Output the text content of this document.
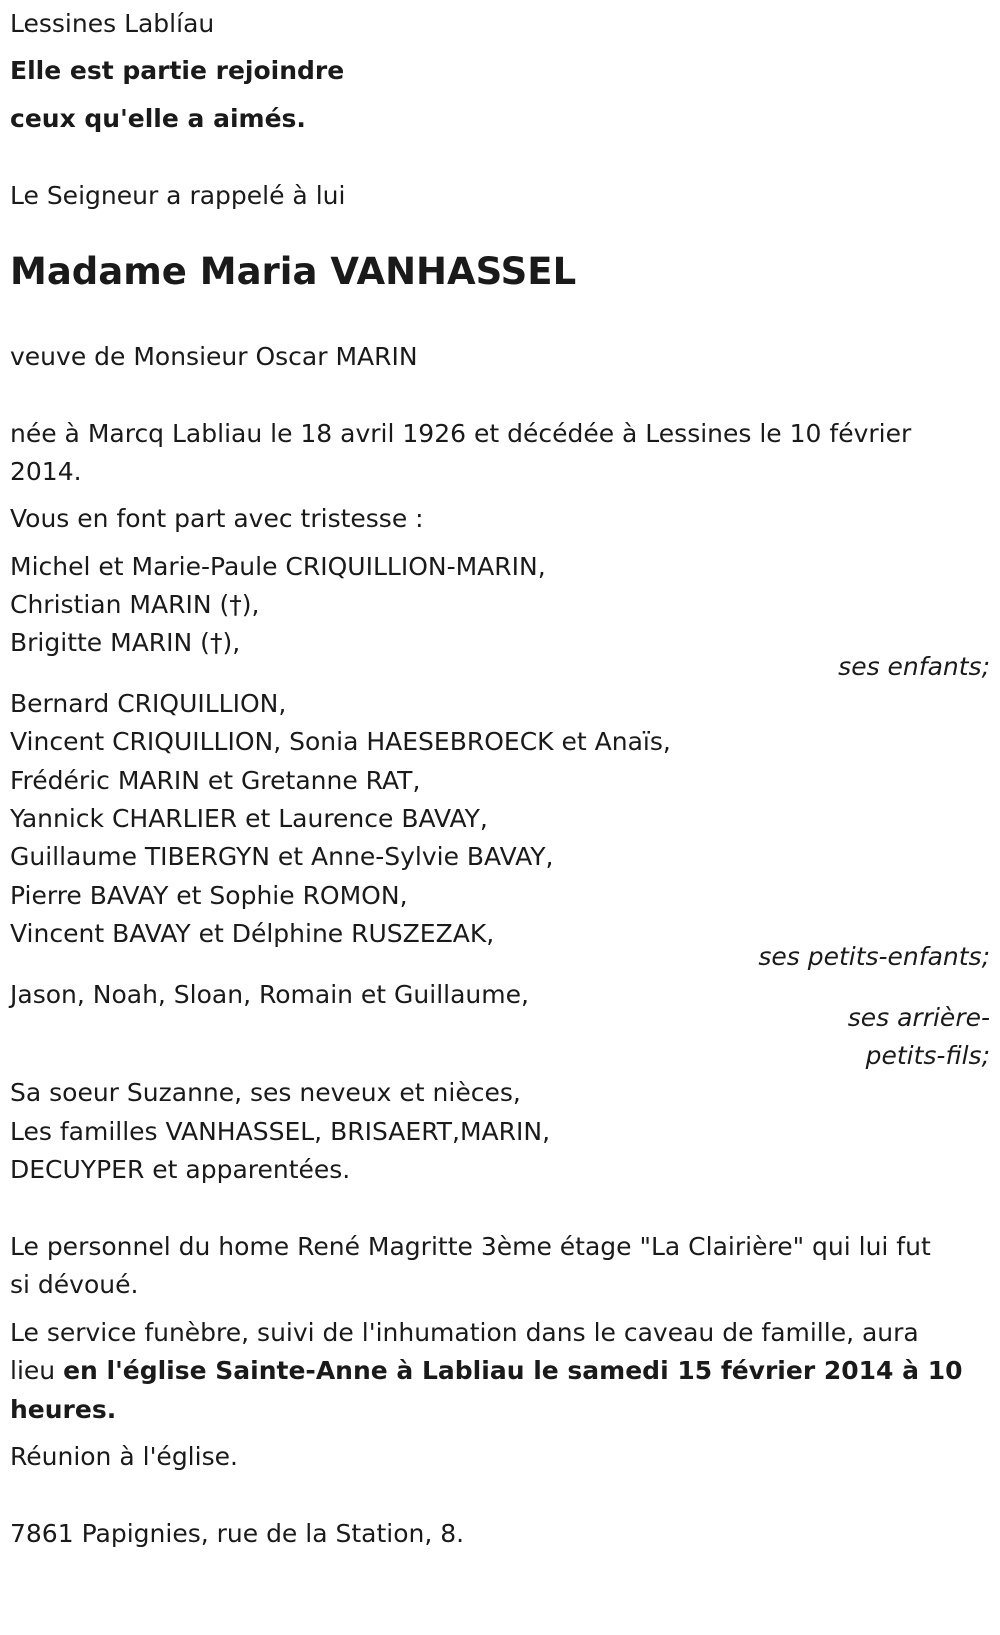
Lessines Lablíau
Elle est partie rejoindre
ceux qu'elle a aimés.
Le Seigneur a rappelé à lui
Madame Maria VANHASSEL
veuve de Monsieur Oscar MARIN
née à Marcq Labliau le 18 avril 1926 et décédée à Lessines le 10 février
2014.
Vous en font part avec tristesse :
Michel et Marie-Paule CRIQUILLION-MARIN,
Christian MARIN (†),
Brigitte MARIN (†),
ses enfants;
Bernard CRIQUILLION,
Vincent CRIQUILLION, Sonia HAESEBROECK et Anaïs,
Frédéric MARIN et Gretanne RAT,
Yannick CHARLIER et Laurence BAVAY,
Guillaume TIBERGYN et Anne-Sylvie BAVAY,
Pierre BAVAY et Sophie ROMON,
Vincent BAVAY et Délphine RUSZEZAK,
ses petits-enfants;
Jason, Noah, Sloan, Romain et Guillaume,
ses arrière-
petits-fils;
Sa soeur Suzanne, ses neveux et nièces,
Les familles VANHASSEL, BRISAERT,MARIN,
DECUYPER et apparentées.
Le personnel du home René Magritte 3ème étage "La Clairière" qui lui fut
si dévoué.
Le service funèbre, suivi de l'inhumation dans le caveau de famille, aura
lieu en l'église Sainte-Anne à Labliau le samedi 15 février 2014 à 10
heures.
Réunion à l'église.
7861 Papignies, rue de la Station, 8.
